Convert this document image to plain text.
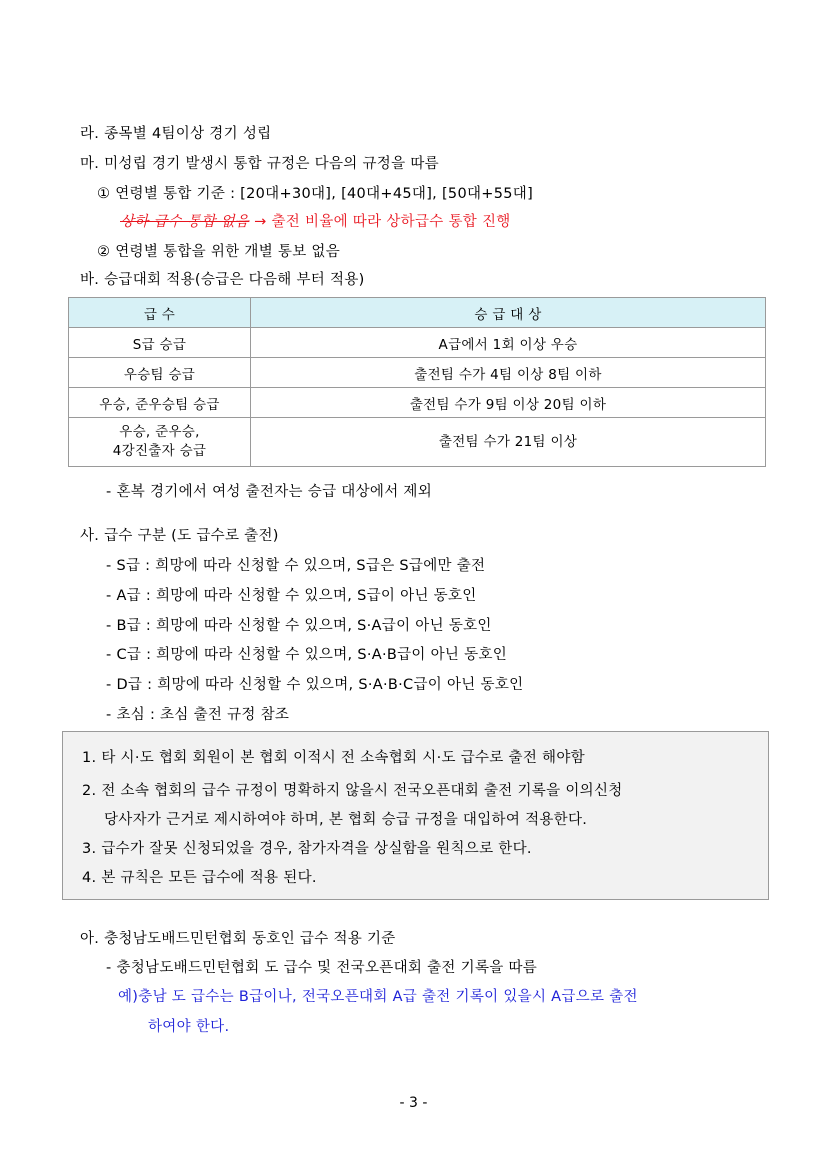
라. 종목별 4팀이상 경기 성립
마. 미성립 경기 발생시 통합 규정은 다음의 규정을 따름
① 연령별 통합 기준 : [20대+30대], [40대+45대], [50대+55대]
상하 급수 통합 없음 → 출전 비율에 따라 상하급수 통합 진행
② 연령별 통합을 위한 개별 통보 없음
바. 승급대회 적용(승급은 다음해 부터 적용)
급 수	승 급 대 상
S급 승급	A급에서 1회 이상 우승
우승팀 승급	출전팀 수가 4팀 이상 8팀 이하
우승, 준우승팀 승급	출전팀 수가 9팀 이상 20팀 이하

우승, 준우승,
4강진출자 승급	출전팀 수가 21팀 이상
- 혼복 경기에서 여성 출전자는 승급 대상에서 제외
사. 급수 구분 (도 급수로 출전)
- S급 : 희망에 따라 신청할 수 있으며, S급은 S급에만 출전
- A급 : 희망에 따라 신청할 수 있으며, S급이 아닌 동호인
- B급 : 희망에 따라 신청할 수 있으며, S·A급이 아닌 동호인
- C급 : 희망에 따라 신청할 수 있으며, S·A·B급이 아닌 동호인
- D급 : 희망에 따라 신청할 수 있으며, S·A·B·C급이 아닌 동호인
- 초심 : 초심 출전 규정 참조
1. 타 시·도 협회 회원이 본 협회 이적시 전 소속협회 시·도 급수로 출전 해야함
2. 전 소속 협회의 급수 규정이 명확하지 않을시 전국오픈대회 출전 기록을 이의신청
당사자가 근거로 제시하여야 하며, 본 협회 승급 규정을 대입하여 적용한다.
3. 급수가 잘못 신청되었을 경우, 참가자격을 상실함을 원칙으로 한다.
4. 본 규칙은 모든 급수에 적용 된다.
아. 충청남도배드민턴협회 동호인 급수 적용 기준
- 충청남도배드민턴협회 도 급수 및 전국오픈대회 출전 기록을 따름
예)충남 도 급수는 B급이나, 전국오픈대회 A급 출전 기록이 있을시 A급으로 출전
하여야 한다.
- 3 -
